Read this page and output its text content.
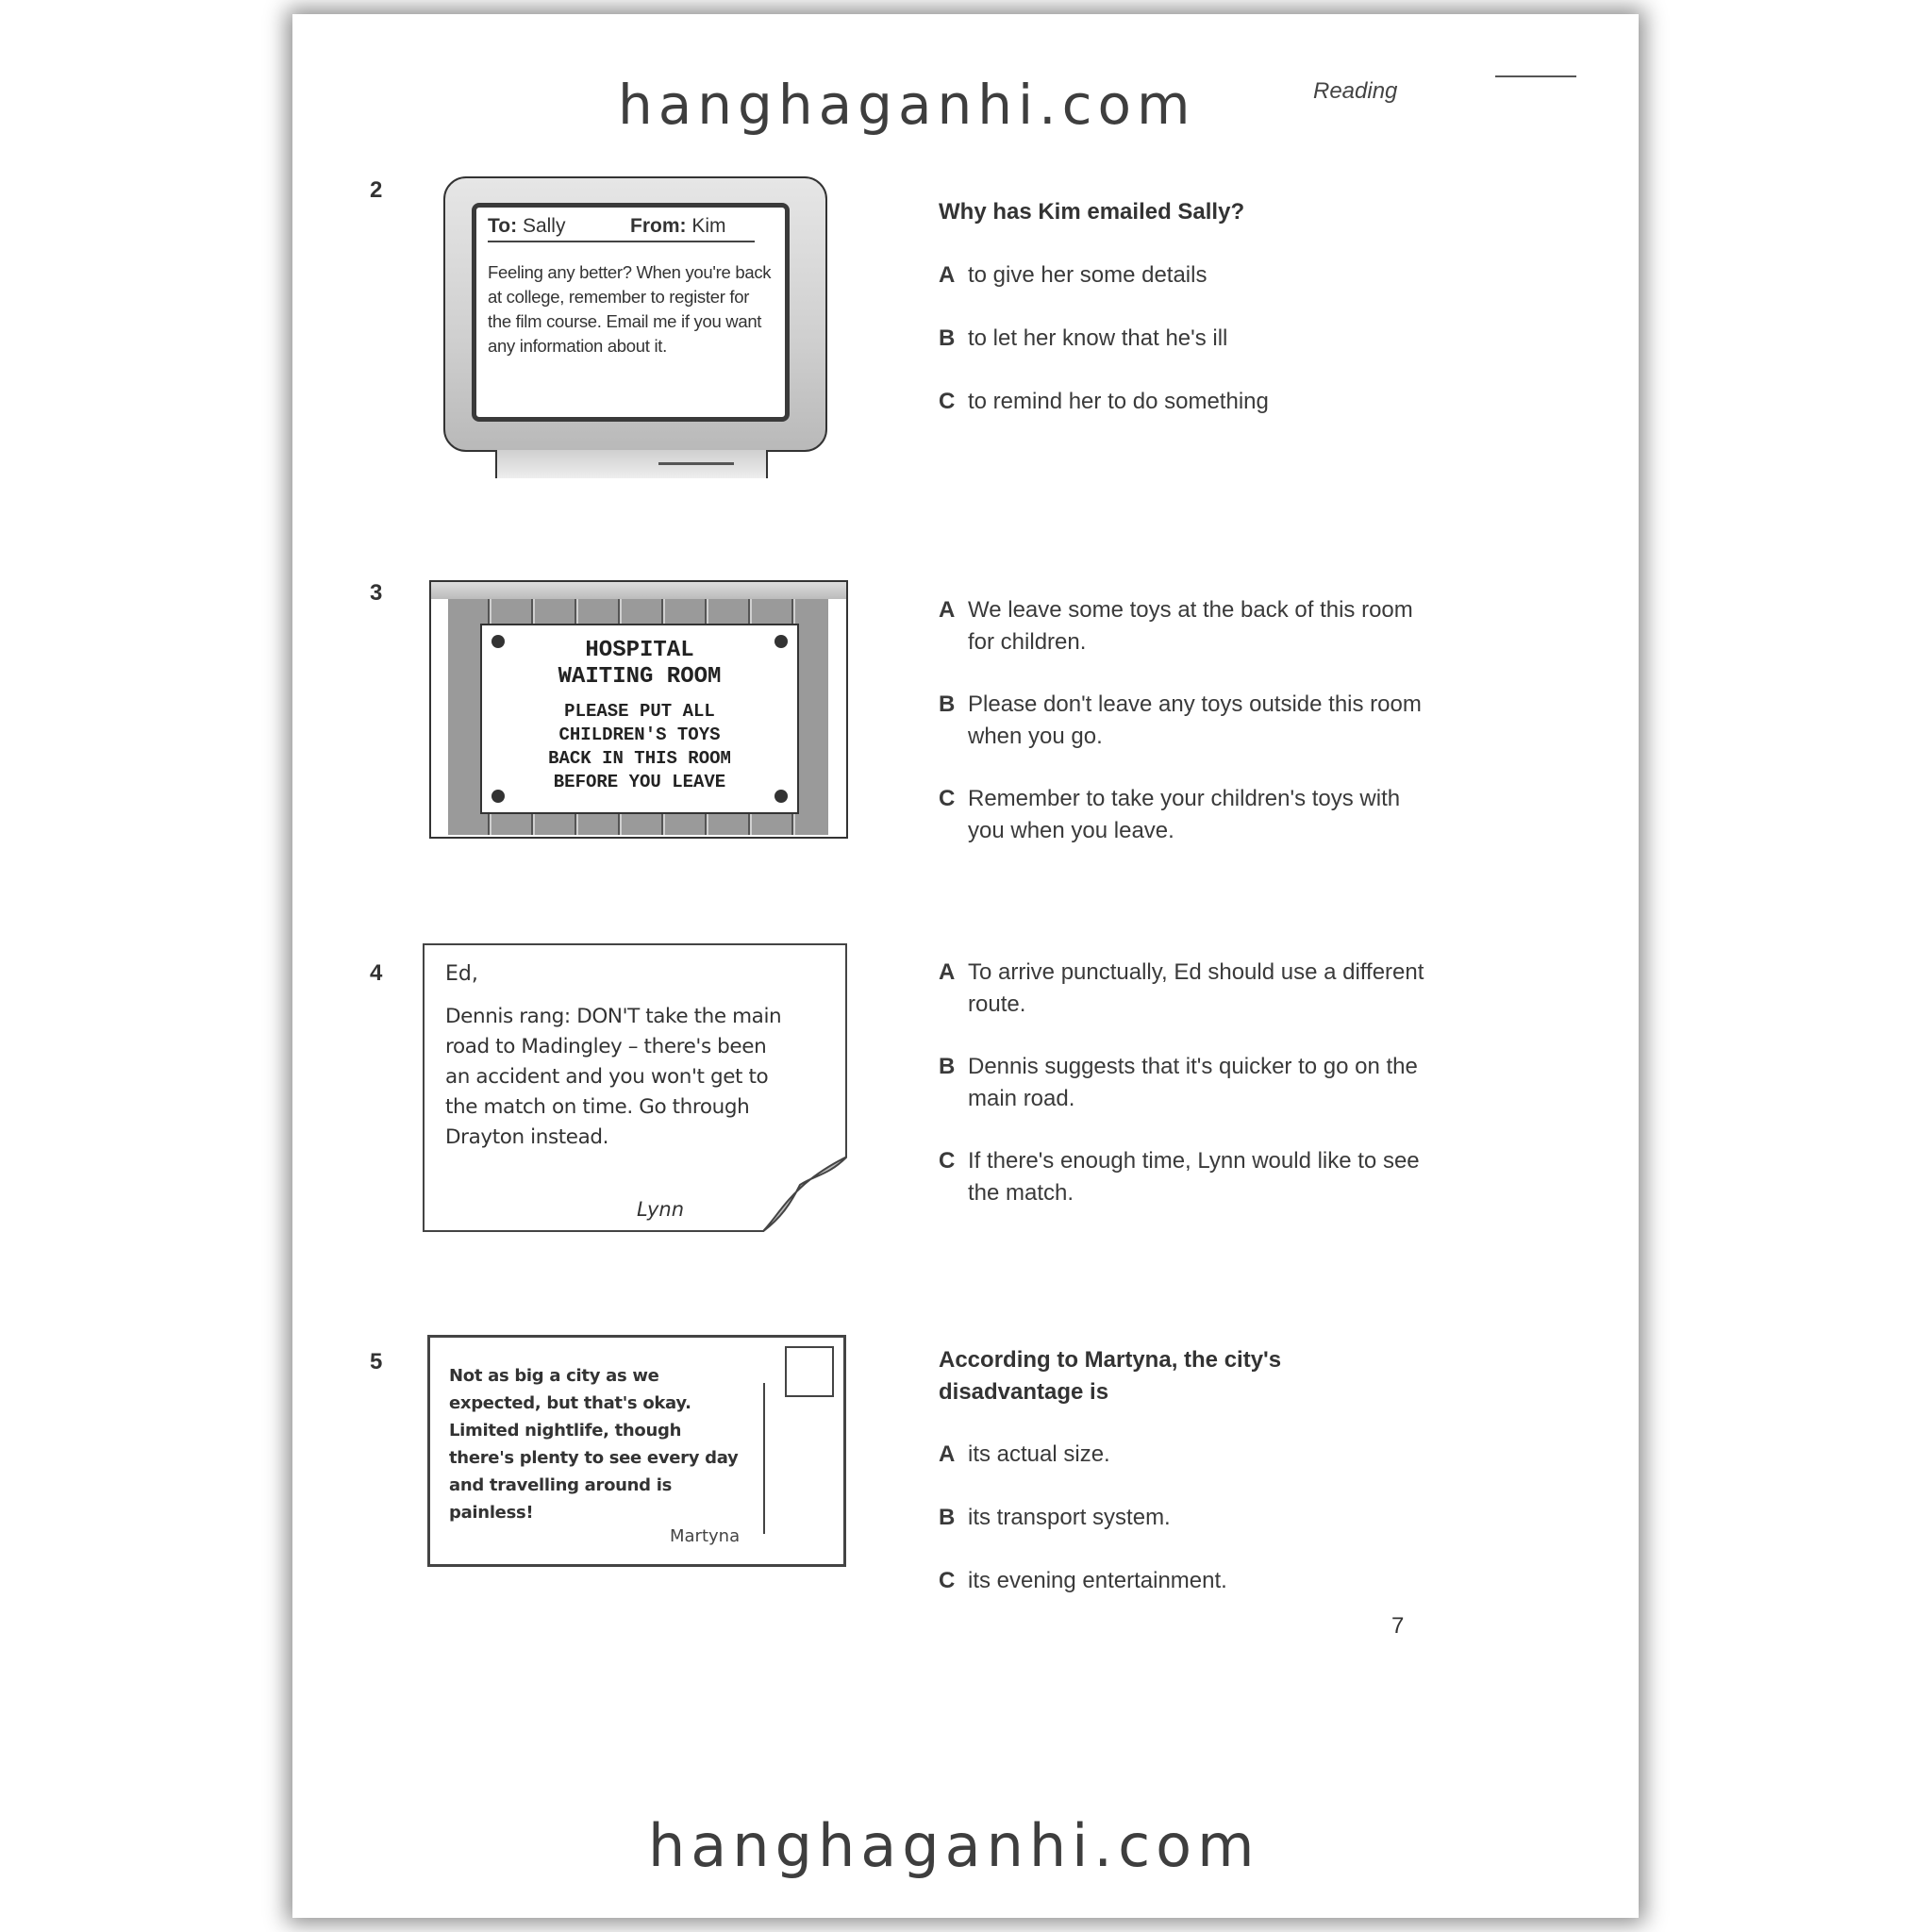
hanghaganhi.com	Reading
2
To: Sally	From: Kim
Feeling any better? When you're back at college, remember to register for the film course. Email me if you want any information about it.
Why has Kim emailed Sally?
A to give her some details
B to let her know that he's ill
C to remind her to do something
3
HOSPITAL
WAITING ROOM
PLEASE PUT ALL
CHILDREN'S TOYS
BACK IN THIS ROOM
BEFORE YOU LEAVE
A We leave some toys at the back of this room for children.
B Please don't leave any toys outside this room when you go.
C Remember to take your children's toys with you when you leave.
4	Ed,
Dennis rang: DON'T take the main road to Madingley – there's been an accident and you won't get to the match on time. Go through Drayton instead.
Lynn
A To arrive punctually, Ed should use a different route.
B Dennis suggests that it's quicker to go on the main road.
C If there's enough time, Lynn would like to see the match.
5
Not as big a city as we expected, but that's okay. Limited nightlife, though there's plenty to see every day and travelling around is painless!
Martyna
According to Martyna, the city's disadvantage is
A its actual size.
B its transport system.
C its evening entertainment.
7
hanghaganhi.com
